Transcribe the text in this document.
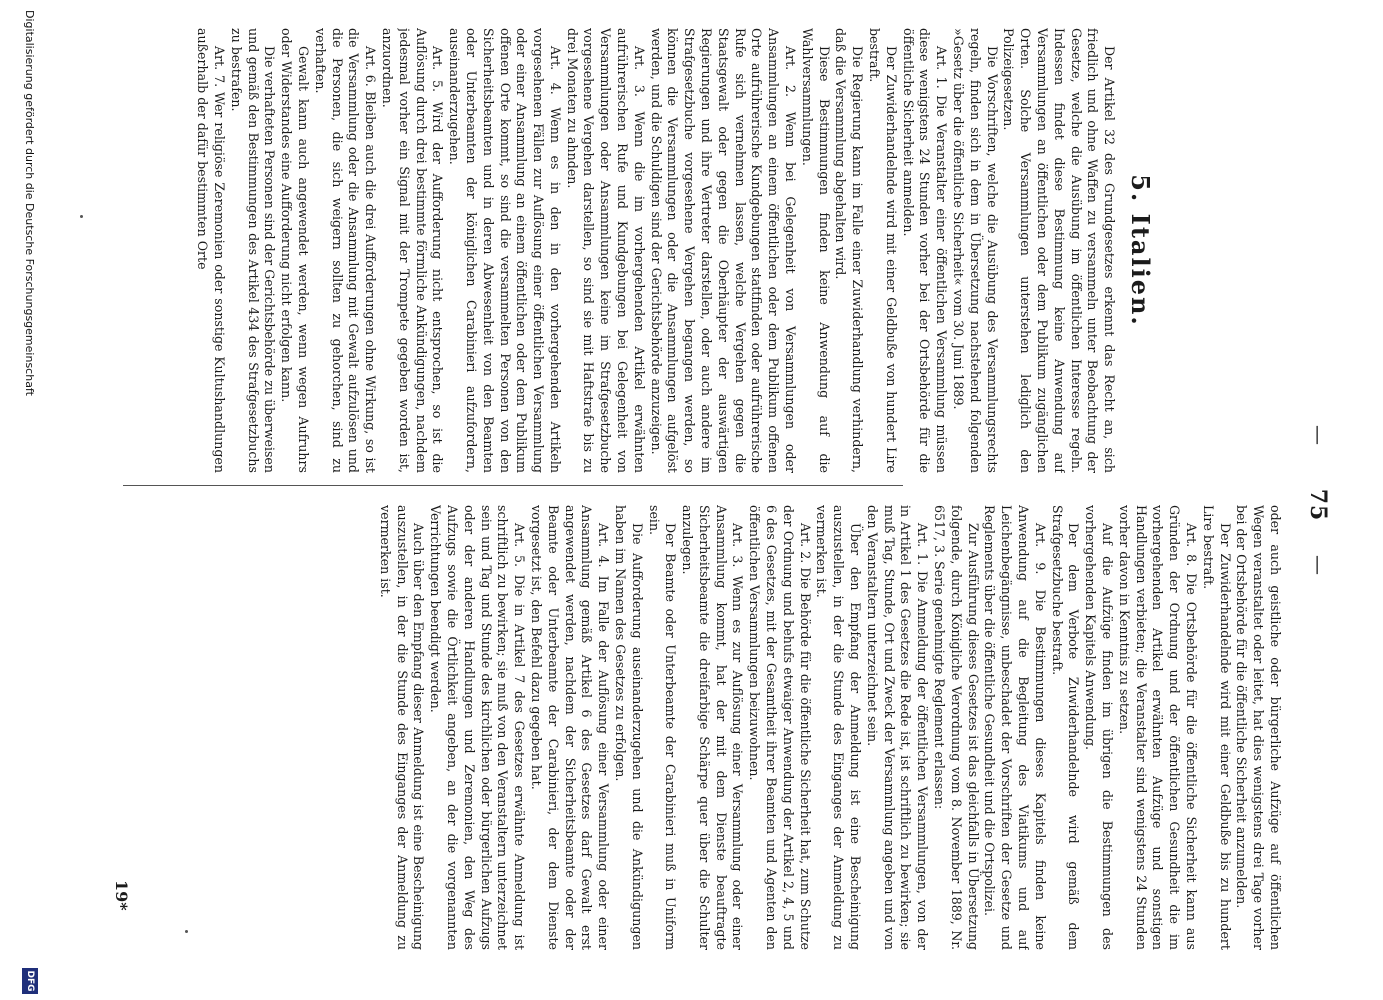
—
75
—
5. Italien.

Der Artikel 32 des Grundgesetzes erkennt das Recht an, sich friedlich und ohne Waffen zu versammeln unter Beobachtung der Gesetze, welche die Ausübung im öffentlichen Interesse regeln. Indessen findet diese Bestimmung keine Anwendung auf Versammlungen an öffentlichen oder dem Publikum zugänglichen Orten. Solche Versammlungen unterstehen lediglich den Polizeigesetzen.

Die Vorschriften, welche die Ausübung des Versammlungsrechts regeln, finden sich in dem in Übersetzung nachstehend folgenden »Gesetz über die öffentliche Sicherheit« vom 30. Juni 1889.

Art. 1. Die Veranstalter einer öffentlichen Versammlung müssen diese wenigstens 24 Stunden vorher bei der Ortsbehörde für die öffentliche Sicherheit anmelden.

Der Zuwiderhandelnde wird mit einer Geldbuße von hundert Lire bestraft.

Die Regierung kann im Falle einer Zuwiderhandlung verhindern, daß die Versammlung abgehalten wird.

Diese Bestimmungen finden keine Anwendung auf die Wahlversammlungen.

Art. 2. Wenn bei Gelegenheit von Versammlungen oder Ansammlungen an einem öffentlichen oder dem Publikum offenen Orte aufrührerische Kundgebungen stattfinden oder aufrührerische Rufe sich vernehmen lassen, welche Vergehen gegen die Staatsgewalt oder gegen die Oberhäupter der auswärtigen Regierungen und ihre Vertreter darstellen, oder auch andere im Strafgesetzbuche vorgesehene Vergehen begangen werden, so können die Versammlungen oder die Ansammlungen aufgelöst werden, und die Schuldigen sind der Gerichtsbehörde anzuzeigen.

Art. 3. Wenn die im vorhergehenden Artikel erwähnten aufrührerischen Rufe und Kundgebungen bei Gelegenheit von Versammlungen oder Ansammlungen keine im Strafgesetzbuche vorgesehene Vergehen darstellen, so sind sie mit Haftstrafe bis zu drei Monaten zu ahnden.

Art. 4. Wenn es in den in den vorhergehenden Artikeln vorgesehenen Fällen zur Auflösung einer öffentlichen Versammlung oder einer Ansammlung an einem öffentlichen oder dem Publikum offenen Orte kommt, so sind die versammelten Personen von den Sicherheitsbeamten und in deren Abwesenheit von den Beamten oder Unterbeamten der königlichen Carabinieri aufzufordern, auseinanderzugehen.

Art. 5. Wird der Aufforderung nicht entsprochen, so ist die Auflösung durch drei bestimmte förmliche Ankündigungen, nachdem jedesmal vorher ein Signal mit der Trompete gegeben worden ist, anzuordnen.

Art. 6. Bleiben auch die drei Aufforderungen ohne Wirkung, so ist die Versammlung oder die Ansammlung mit Gewalt aufzulösen und die Personen, die sich weigern sollten zu gehorchen, sind zu verhaften.

Gewalt kann auch angewendet werden, wenn wegen Aufruhrs oder Widerstandes eine Aufforderung nicht erfolgen kann.

Die verhafteten Personen sind der Gerichtsbehörde zu überweisen und gemäß den Bestimmungen des Artikel 434 des Strafgesetzbuchs zu bestrafen.

Art. 7. Wer religiöse Zeremonien oder sonstige Kultushandlungen außerhalb der dafür bestimmten Orte

oder auch geistliche oder bürgerliche Aufzüge auf öffentlichen Wegen veranstaltet oder leitet, hat dies wenigstens drei Tage vorher bei der Ortsbehörde für die öffentliche Sicherheit anzumelden.

Der Zuwiderhandelnde wird mit einer Geldbuße bis zu hundert Lire bestraft.

Art. 8. Die Ortsbehörde für die öffentliche Sicherheit kann aus Gründen der Ordnung und der öffentlichen Gesundheit die im vorhergehenden Artikel erwähnten Aufzüge und sonstigen Handlungen verbieten; die Veranstalter sind wenigstens 24 Stunden vorher davon in Kenntnis zu setzen.

Auf die Aufzüge finden im übrigen die Bestimmungen des vorhergehenden Kapitels Anwendung.

Der dem Verbote Zuwiderhandelnde wird gemäß dem Strafgesetzbuche bestraft.

Art. 9. Die Bestimmungen dieses Kapitels finden keine Anwendung auf die Begleitung des Viatikums und auf Leichenbegängnisse, unbeschadet der Vorschriften der Gesetze und Reglements über die öffentliche Gesundheit und die Ortspolizei.

Zur Ausführung dieses Gesetzes ist das gleichfalls in Übersetzung folgende, durch Königliche Verordnung vom 8. November 1889, Nr. 6517, 3. Serie genehmigte Reglement erlassen:

Art. 1. Die Anmeldung der öffentlichen Versammlungen, von der in Artikel 1 des Gesetzes die Rede ist, ist schriftlich zu bewirken; sie muß Tag, Stunde, Ort und Zweck der Versammlung angeben und von den Veranstaltern unterzeichnet sein.

Über den Empfang der Anmeldung ist eine Bescheinigung auszustellen, in der die Stunde des Einganges der Anmeldung zu vermerken ist.

Art. 2. Die Behörde für die öffentliche Sicherheit hat, zum Schutze der Ordnung und behufs etwaiger Anwendung der Artikel 2, 4, 5 und 6 des Gesetzes, mit der Gesamtheit ihrer Beamten und Agenten den öffentlichen Versammlungen beizuwohnen.

Art. 3. Wenn es zur Auflösung einer Versammlung oder einer Ansammlung kommt, hat der mit dem Dienste beauftragte Sicherheitsbeamte die dreifarbige Schärpe quer über die Schulter anzulegen.

Der Beamte oder Unterbeamte der Carabinieri muß in Uniform sein.

Die Aufforderung auseinanderzugehen und die Ankündigungen haben im Namen des Gesetzes zu erfolgen.

Art. 4. Im Falle der Auflösung einer Versammlung oder einer Ansammlung gemäß Artikel 6 des Gesetzes darf Gewalt erst angewendet werden, nachdem der Sicherheitsbeamte oder der Beamte oder Unterbeamte der Carabinieri, der dem Dienste vorgesetzt ist, den Befehl dazu gegeben hat.

Art. 5. Die in Artikel 7 des Gesetzes erwähnte Anmeldung ist schriftlich zu bewirken; sie muß von den Veranstaltern unterzeichnet sein und Tag und Stunde des kirchlichen oder bürgerlichen Aufzugs oder der anderen Handlungen und Zeremonien, den Weg des Aufzugs sowie die Örtlichkeit angeben, an der die vorgenannten Verrichtungen beendigt werden.

Auch über den Empfang dieser Anmeldung ist eine Bescheinigung auszustellen, in der die Stunde des Einganges der Anmeldung zu vermerken ist.

19*
Digitalisierung gefördert durch die Deutsche Forschungsgemeinschaft
DFG
